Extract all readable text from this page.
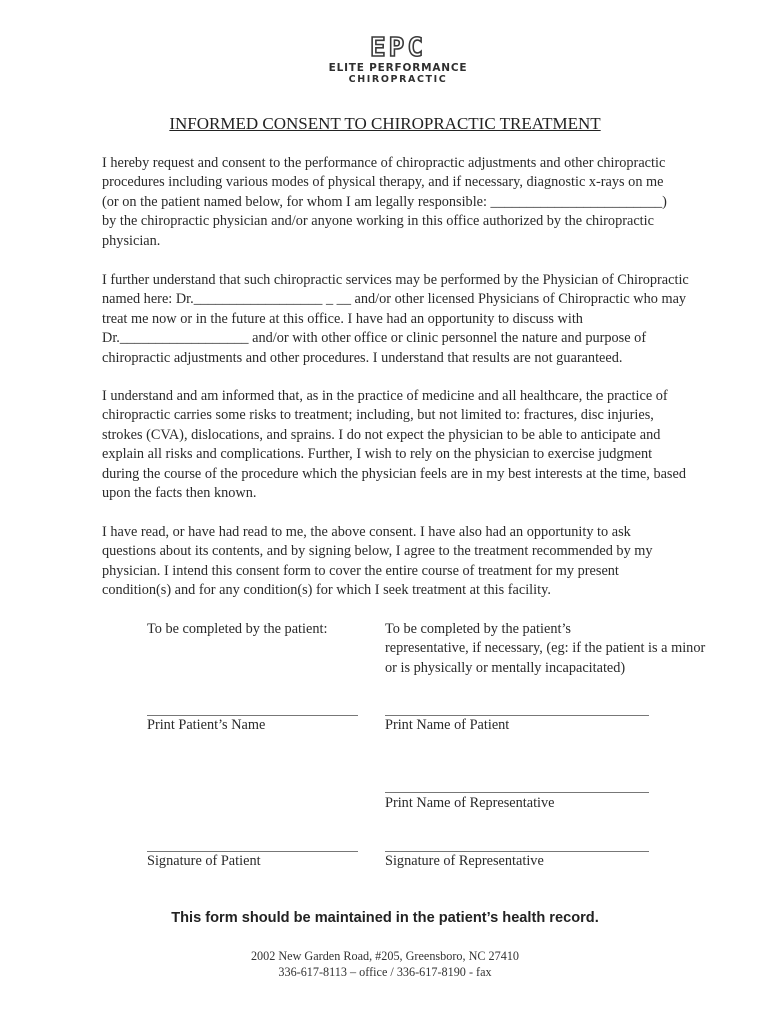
EPC
ELITE PERFORMANCE
CHIROPRACTIC
INFORMED CONSENT TO CHIROPRACTIC TREATMENT

I hereby request and consent to the performance of chiropractic adjustments and other chiropractic

procedures including various modes of physical therapy, and if necessary, diagnostic x-rays on me

(or on the patient named below, for whom I am legally responsible: ________________________)

by the chiropractic physician and/or anyone working in this office authorized by the chiropractic

physician.

I further understand that such chiropractic services may be performed by the Physician of Chiropractic

named here: Dr.__________________ _ __ and/or other licensed Physicians of Chiropractic who may

treat me now or in the future at this office. I have had an opportunity to discuss with

Dr.__________________ and/or with other office or clinic personnel the nature and purpose of

chiropractic adjustments and other procedures. I understand that results are not guaranteed.

I understand and am informed that, as in the practice of medicine and all healthcare, the practice of

chiropractic carries some risks to treatment; including, but not limited to: fractures, disc injuries,

strokes (CVA), dislocations, and sprains. I do not expect the physician to be able to anticipate and

explain all risks and complications. Further, I wish to rely on the physician to exercise judgment

during the course of the procedure which the physician feels are in my best interests at the time, based

upon the facts then known.

I have read, or have had read to me, the above consent. I have also had an opportunity to ask

questions about its contents, and by signing below, I agree to the treatment recommended by my

physician. I intend this consent form to cover the entire course of treatment for my present

condition(s) and for any condition(s) for which I seek treatment at this facility.

To be completed by the patient:	To be completed by the patient’s

representative, if necessary, (eg: if the patient is a minor

or is physically or mentally incapacitated)

Print Patient’s Name	Print Name of Patient
Print Name of Representative
Signature of Patient	Signature of Representative
This form should be maintained in the patient’s health record.

2002 New Garden Road, #205, Greensboro, NC 27410

336-617-8113 – office / 336-617-8190 - fax
